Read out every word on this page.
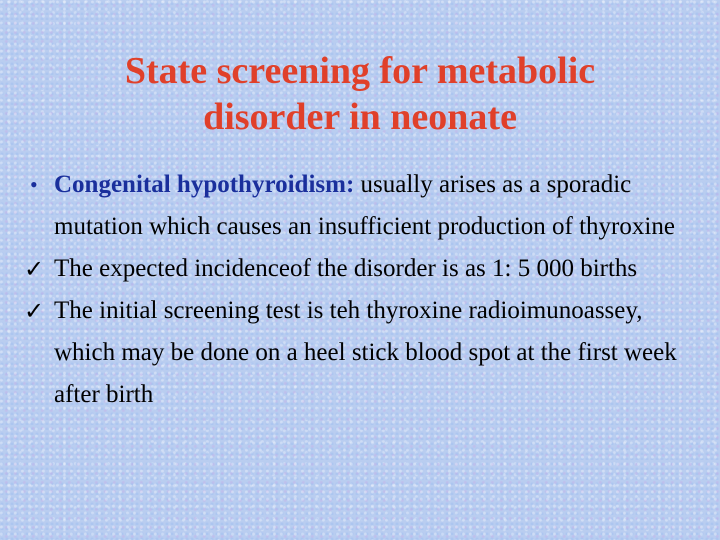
State screening for metabolic
disorder in neonate

• Congenital hypothyroidism: usually arises as a sporadic mutation which causes an insufficient production of thyroxine

✓ The expected incidenceof the disorder is as 1: 5 000 births

✓ The initial screening test is teh thyroxine radioimunoassey, which may be done on a heel stick blood spot at the first week after birth
